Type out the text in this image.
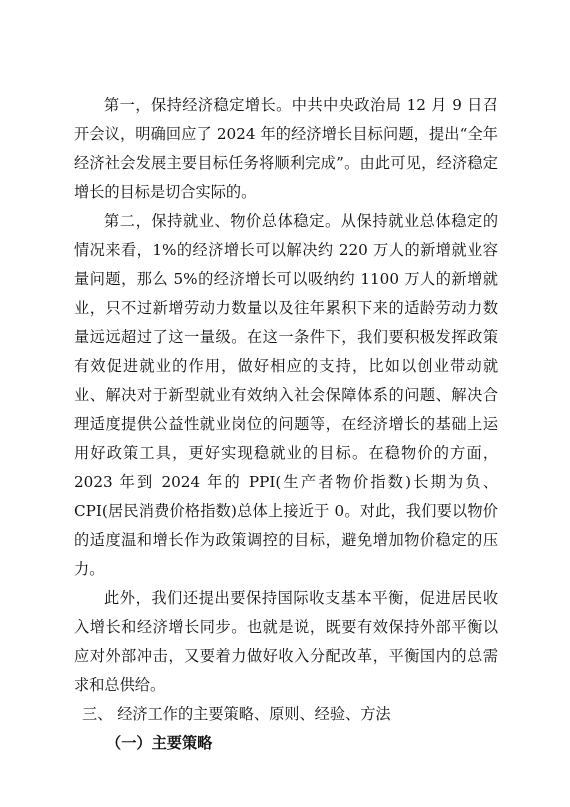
第一，保持经济稳定增长。中共中央政治局 12 月 9 日召开会议，明确回应了 2024 年的经济增长目标问题，提出“全年经济社会发展主要目标任务将顺利完成”。由此可见，经济稳定增长的目标是切合实际的。

第二，保持就业、物价总体稳定。从保持就业总体稳定的情况来看，1%的经济增长可以解决约 220 万人的新增就业容量问题，那么 5%的经济增长可以吸纳约 1100 万人的新增就业，只不过新增劳动力数量以及往年累积下来的适龄劳动力数量远远超过了这一量级。在这一条件下，我们要积极发挥政策有效促进就业的作用，做好相应的支持，比如以创业带动就业、解决对于新型就业有效纳入社会保障体系的问题、解决合理适度提供公益性就业岗位的问题等，在经济增长的基础上运用好政策工具，更好实现稳就业的目标。在稳物价的方面，2023 年到 2024 年的 PPI(生产者物价指数)长期为负、CPI(居民消费价格指数)总体上接近于 0。对此，我们要以物价的适度温和增长作为政策调控的目标，避免增加物价稳定的压力。

此外，我们还提出要保持国际收支基本平衡，促进居民收入增长和经济增长同步。也就是说，既要有效保持外部平衡以应对外部冲击，又要着力做好收入分配改革，平衡国内的总需求和总供给。

三、 经济工作的主要策略、原则、经验、方法

（一）主要策略
